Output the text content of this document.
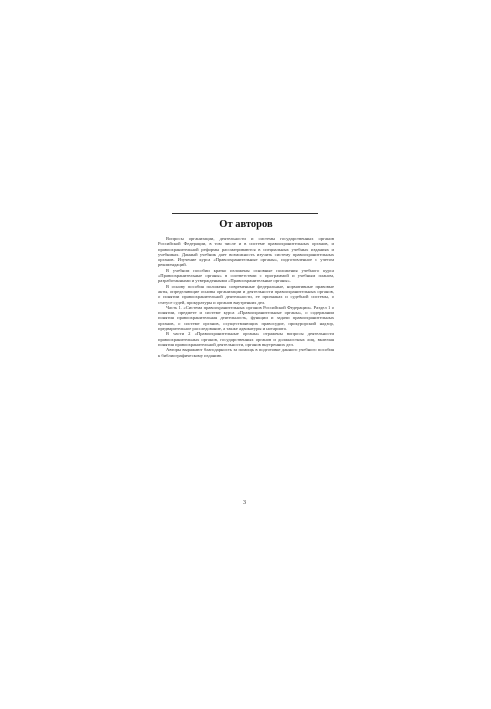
От авторов

Вопросы организации, деятельности и системы государственных органов Российской Федерации, в том числе и в системе правоохранительных органов, и правоохранительной реформы рассматриваются в специальных учебных изданиях и учебниках. Данный учебник дает возможность изучить систему правоохранительных органов. Изучение курса «Правоохранительные органы», подготовленное с учетом рекомендаций.

В учебном пособии кратко изложены основные положения учебного курса «Правоохранительные органы» в соответствии с программой и учебным планом, разработанными и утвержденными «Правоохранительные органы».

В основу пособия положены современные федеральные, нормативные правовые акты, определяющие основы организации и деятельности правоохранительных органов, о понятии правоохранительной деятельности, ее признаках и судебной системы, о статусе судей, прокуратуры и органов внутренних дел.

Часть 1. «Система правоохранительных органов Российской Федерации». Раздел 1 о понятии, предмете и системе курса «Правоохранительные органы», о содержании понятия правоохранительная деятельность, функции и задачи правоохранительных органов, о системе органов, осуществляющих правосудие, прокурорский надзор, предварительное расследование, а также адвокатуры и нотариата.

В части 2 «Правоохранительные органы» отражены вопросы деятельности правоохранительных органов, государственных органов и должностных лиц, включая понятия правоохранительной деятельности, органов внутренних дел.

Авторы выражают благодарность за помощь в подготовке данного учебного пособия к библиографическому изданию.

3
